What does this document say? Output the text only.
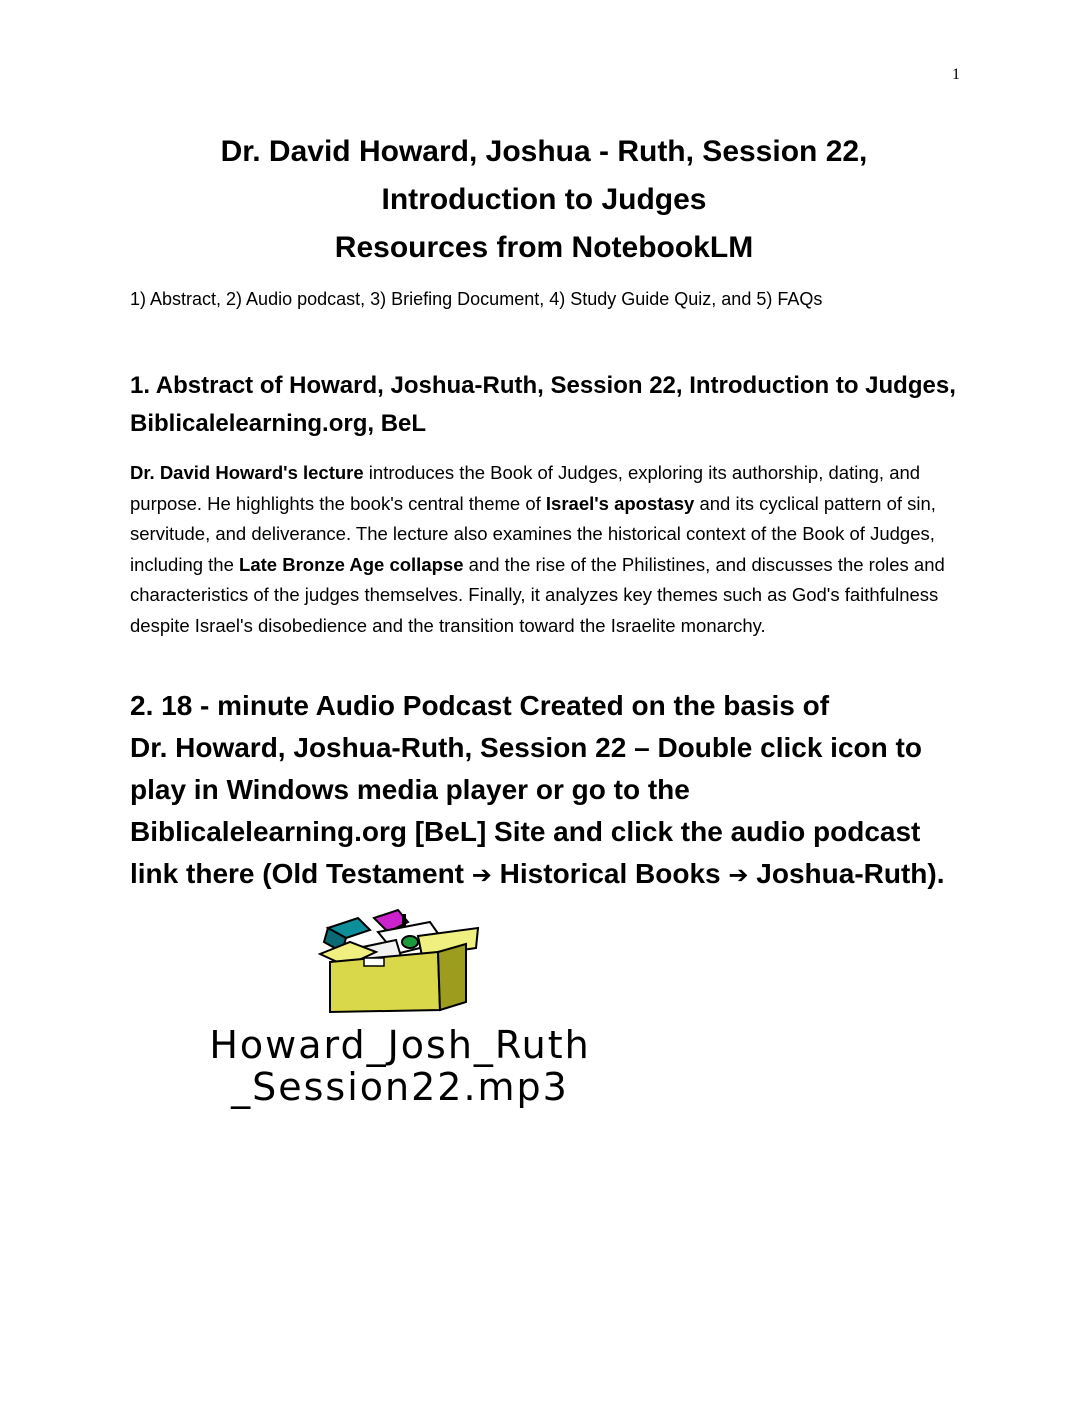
1
Dr. David Howard, Joshua - Ruth, Session 22,
Introduction to Judges
Resources from NotebookLM
1) Abstract, 2) Audio podcast, 3) Briefing Document, 4) Study Guide Quiz, and 5) FAQs
1. Abstract of Howard, Joshua-Ruth, Session 22, Introduction to Judges, Biblicalelearning.org, BeL
Dr. David Howard's lecture introduces the Book of Judges, exploring its authorship, dating, and purpose. He highlights the book's central theme of Israel's apostasy and its cyclical pattern of sin, servitude, and deliverance. The lecture also examines the historical context of the Book of Judges, including the Late Bronze Age collapse and the rise of the Philistines, and discusses the roles and characteristics of the judges themselves. Finally, it analyzes key themes such as God's faithfulness despite Israel's disobedience and the transition toward the Israelite monarchy.
2. 18 - minute Audio Podcast Created on the basis of
Dr. Howard, Joshua-Ruth, Session 22 – Double click icon to play in Windows media player or go to the Biblicalelearning.org [BeL] Site and click the audio podcast link there (Old Testament ➔ Historical Books ➔ Joshua-Ruth).
Howard_Josh_Ruth
_Session22.mp3
